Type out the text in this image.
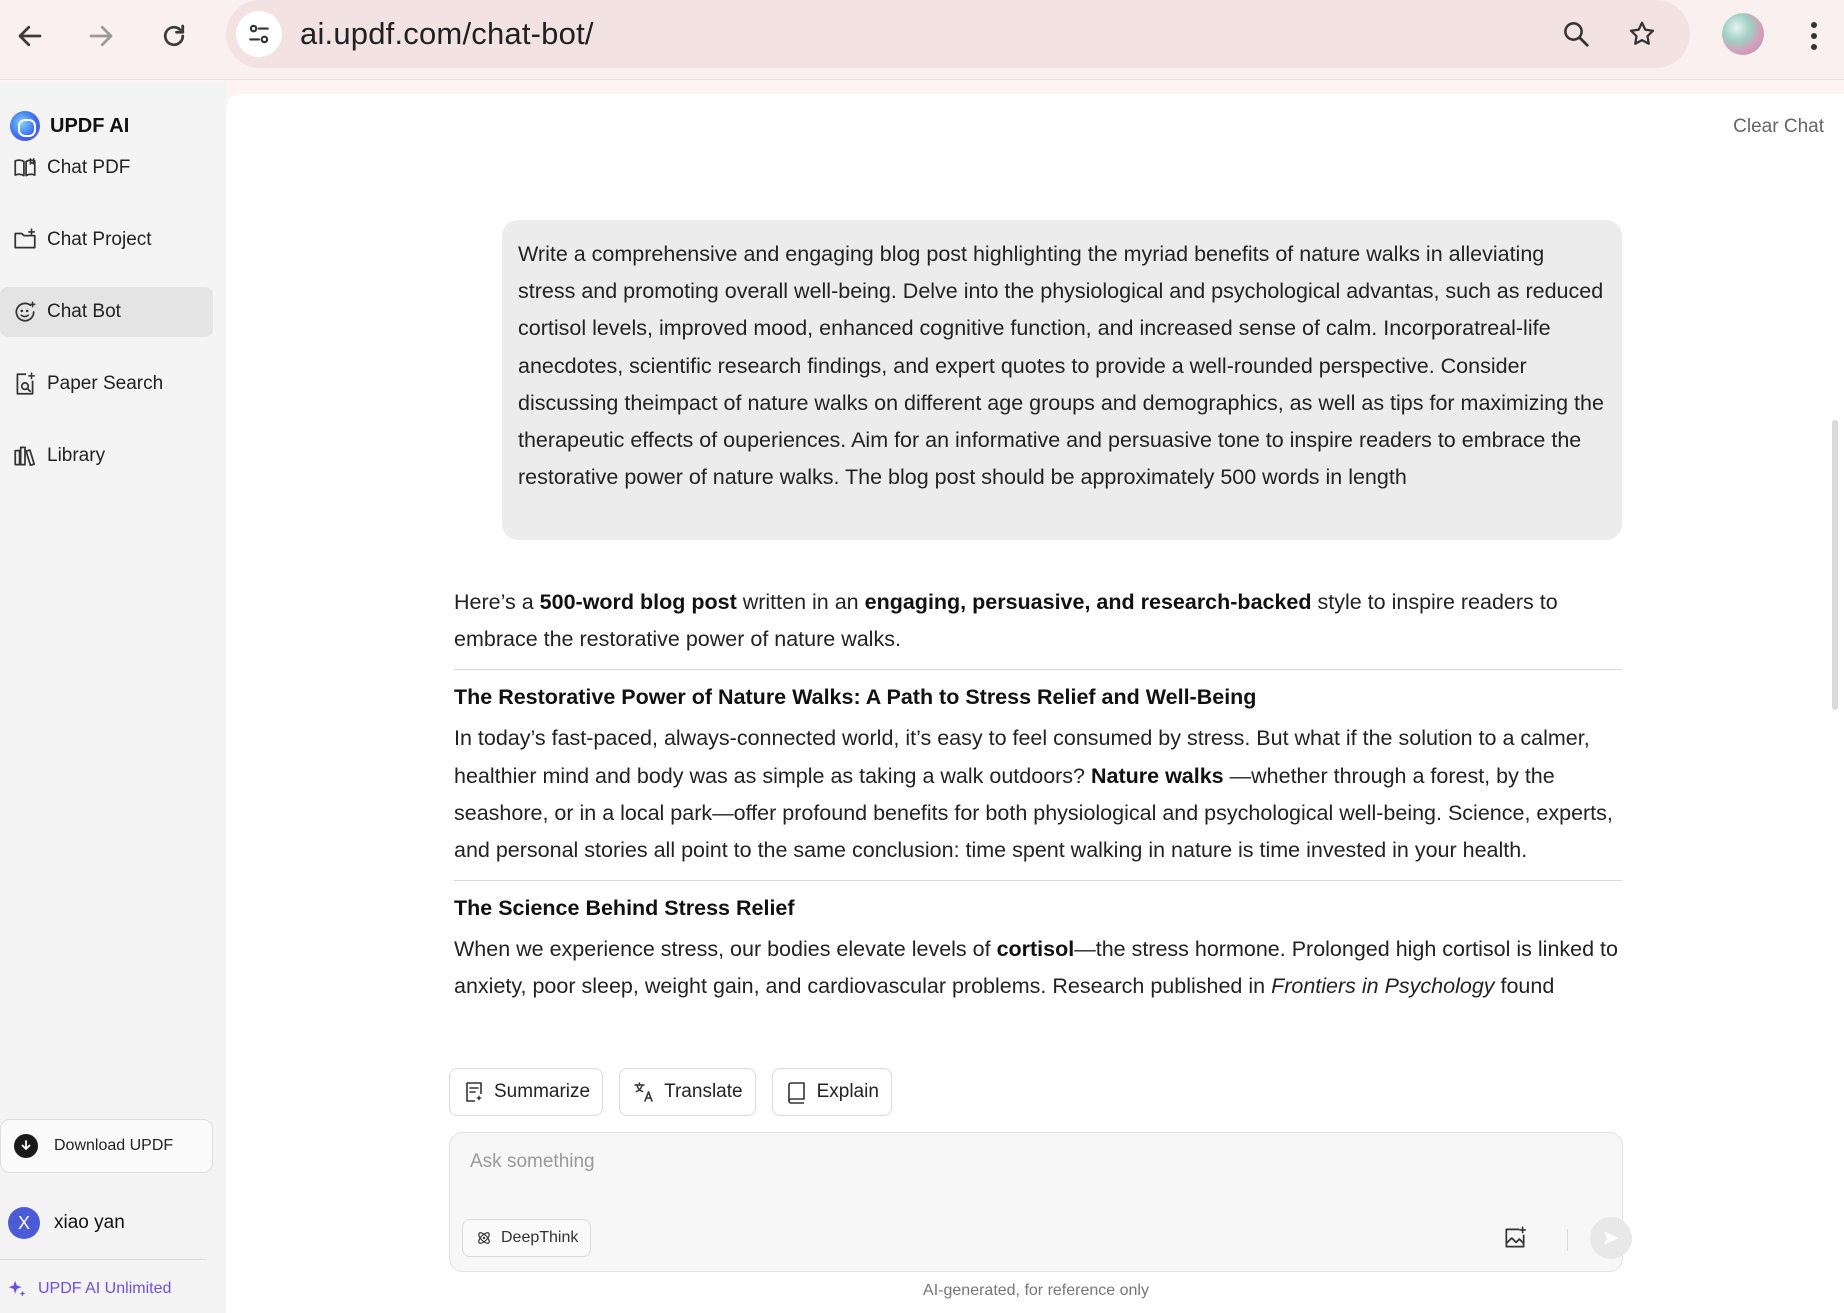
ai.updf.com/chat-bot/
UPDF AI
Chat PDF
Chat Project
Chat Bot
Paper Search
Library
Download UPDF
X	xiao yan
UPDF AI Unlimited
Clear Chat
Write a comprehensive and engaging blog post highlighting the myriad benefits of nature walks in alleviating stress and promoting overall well-being. Delve into the physiological and psychological advantas, such as reduced cortisol levels, improved mood, enhanced cognitive function, and increased sense of calm. Incorporatreal-life anecdotes, scientific research findings, and expert quotes to provide a well-rounded perspective. Consider discussing theimpact of nature walks on different age groups and demographics, as well as tips for maximizing the therapeutic effects of ouperiences. Aim for an informative and persuasive tone to inspire readers to embrace the restorative power of nature walks. The blog post should be approximately 500 words in length

Here’s a 500-word blog post written in an engaging, persuasive, and research-backed style to inspire readers to embrace the restorative power of nature walks.

The Restorative Power of Nature Walks: A Path to Stress Relief and Well-Being

In today’s fast-paced, always-connected world, it’s easy to feel consumed by stress. But what if the solution to a calmer, healthier mind and body was as simple as taking a walk outdoors? Nature walks —whether through a forest, by the seashore, or in a local park—offer profound benefits for both physiological and psychological well-being. Science, experts, and personal stories all point to the same conclusion: time spent walking in nature is time invested in your health.

The Science Behind Stress Relief

When we experience stress, our bodies elevate levels of cortisol—the stress hormone. Prolonged high cortisol is linked to anxiety, poor sleep, weight gain, and cardiovascular problems. Research published in Frontiers in Psychology found

Summarize	Translate	Explain
Ask something
DeepThink
AI-generated, for reference only
